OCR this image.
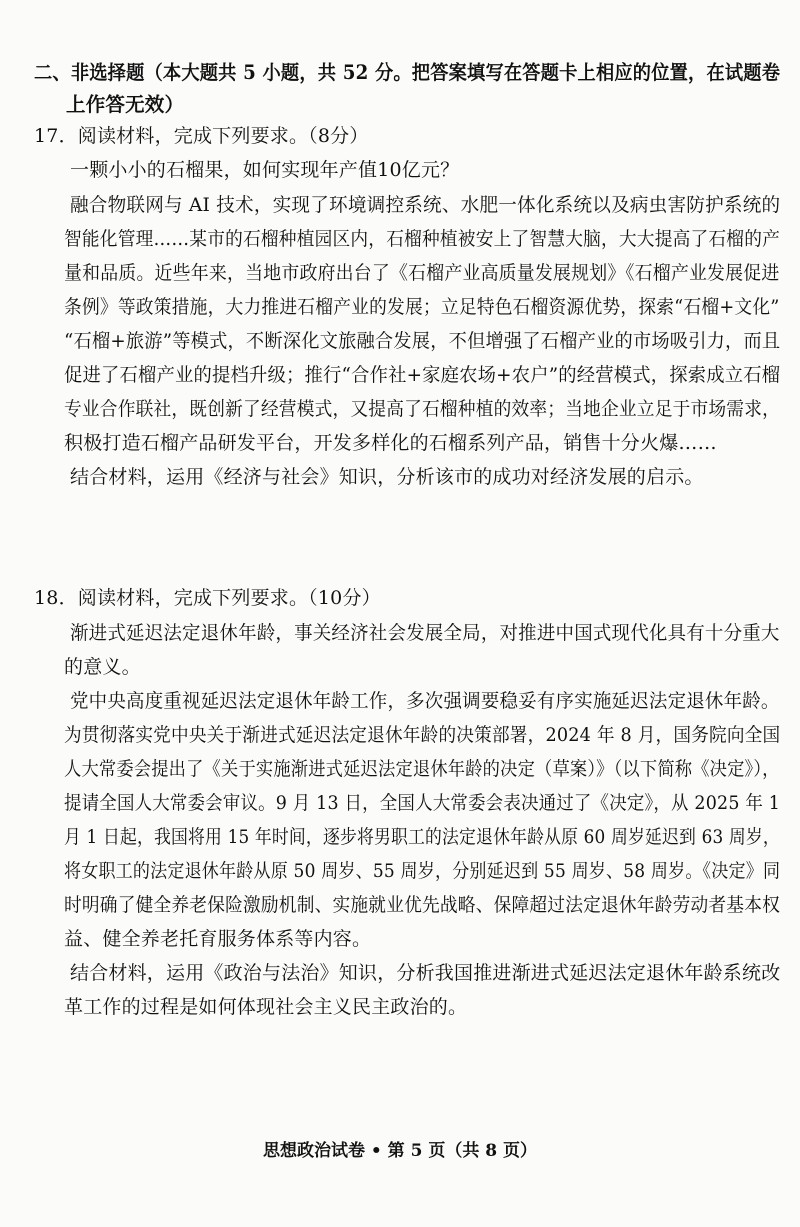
二、非选择题（本大题共 5 小题，共 52 分。把答案填写在答题卡上相应的位置，在试题卷
上作答无效）
17．阅读材料，完成下列要求。（8分）
一颗小小的石榴果，如何实现年产值10亿元？
融合物联网与 AI 技术，实现了环境调控系统、水肥一体化系统以及病虫害防护系统的
智能化管理……某市的石榴种植园区内，石榴种植被安上了智慧大脑，大大提高了石榴的产
量和品质。近些年来，当地市政府出台了《石榴产业高质量发展规划》《石榴产业发展促进
条例》等政策措施，大力推进石榴产业的发展；立足特色石榴资源优势，探索“石榴+文化”
“石榴+旅游”等模式，不断深化文旅融合发展，不但增强了石榴产业的市场吸引力，而且
促进了石榴产业的提档升级；推行“合作社+家庭农场+农户”的经营模式，探索成立石榴
专业合作联社，既创新了经营模式，又提高了石榴种植的效率；当地企业立足于市场需求，
积极打造石榴产品研发平台，开发多样化的石榴系列产品，销售十分火爆……
结合材料，运用《经济与社会》知识，分析该市的成功对经济发展的启示。
18．阅读材料，完成下列要求。（10分）
渐进式延迟法定退休年龄，事关经济社会发展全局，对推进中国式现代化具有十分重大
的意义。
党中央高度重视延迟法定退休年龄工作，多次强调要稳妥有序实施延迟法定退休年龄。
为贯彻落实党中央关于渐进式延迟法定退休年龄的决策部署，2024 年 8 月，国务院向全国
人大常委会提出了《关于实施渐进式延迟法定退休年龄的决定（草案）》（以下简称《决定》），
提请全国人大常委会审议。9 月 13 日，全国人大常委会表决通过了《决定》，从 2025 年 1
月 1 日起，我国将用 15 年时间，逐步将男职工的法定退休年龄从原 60 周岁延迟到 63 周岁，
将女职工的法定退休年龄从原 50 周岁、55 周岁，分别延迟到 55 周岁、58 周岁。《决定》同
时明确了健全养老保险激励机制、实施就业优先战略、保障超过法定退休年龄劳动者基本权
益、健全养老托育服务体系等内容。
结合材料，运用《政治与法治》知识，分析我国推进渐进式延迟法定退休年龄系统改
革工作的过程是如何体现社会主义民主政治的。
思想政治试卷 • 第 5 页（共 8 页）
